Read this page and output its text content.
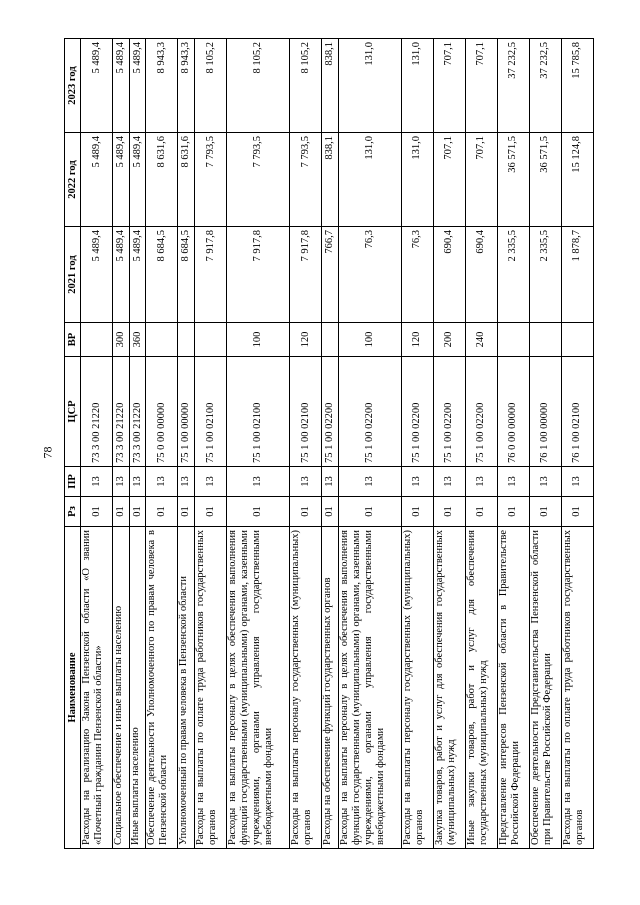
78
Наименование	Рз	ПР	ЦСР	ВР	2021 год	2022 год	2023 год
Расходы на реализацию Закона Пензенской области «О звании «Почетный гражданин Пензенской области»	01	13	73 3 00 21220		5 489,4	5 489,4	5 489,4
Социальное обеспечение и иные выплаты населению	01	13	73 3 00 21220	300	5 489,4	5 489,4	5 489,4
Иные выплаты населению	01	13	73 3 00 21220	360	5 489,4	5 489,4	5 489,4
Обеспечение деятельности Уполномоченного по правам человека в Пензенской области	01	13	75 0 00 00000		8 684,5	8 631,6	8 943,3
Уполномоченный по правам человека в Пензенской области	01	13	75 1 00 00000		8 684,5	8 631,6	8 943,3
Расходы на выплаты по оплате труда работников государственных органов	01	13	75 1 00 02100		7 917,8	7 793,5	8 105,2
Расходы на выплаты персоналу в целях обеспечения выполнения функций государственными (муниципальными) органами, казенными учреждениями, органами управления государственными внебюджетными фондами	01	13	75 1 00 02100	100	7 917,8	7 793,5	8 105,2
Расходы на выплаты персоналу государственных (муниципальных) органов	01	13	75 1 00 02100	120	7 917,8	7 793,5	8 105,2
Расходы на обеспечение функций государственных органов	01	13	75 1 00 02200		766,7	838,1	838,1
Расходы на выплаты персоналу в целях обеспечения выполнения функций государственными (муниципальными) органами, казенными учреждениями, органами управления государственными внебюджетными фондами	01	13	75 1 00 02200	100	76,3	131,0	131,0
Расходы на выплаты персоналу государственных (муниципальных) органов	01	13	75 1 00 02200	120	76,3	131,0	131,0
Закупка товаров, работ и услуг для обеспечения государственных (муниципальных) нужд	01	13	75 1 00 02200	200	690,4	707,1	707,1
Иные закупки товаров, работ и услуг для обеспечения государственных (муниципальных) нужд	01	13	75 1 00 02200	240	690,4	707,1	707,1
Представление интересов Пензенской области в Правительстве Российской Федерации	01	13	76 0 00 00000		2 335,5	36 571,5	37 232,5
Обеспечение деятельности Представительства Пензенской области при Правительстве Российской Федерации	01	13	76 1 00 00000		2 335,5	36 571,5	37 232,5
Расходы на выплаты по оплате труда работников государственных органов	01	13	76 1 00 02100		1 878,7	15 124,8	15 785,8
